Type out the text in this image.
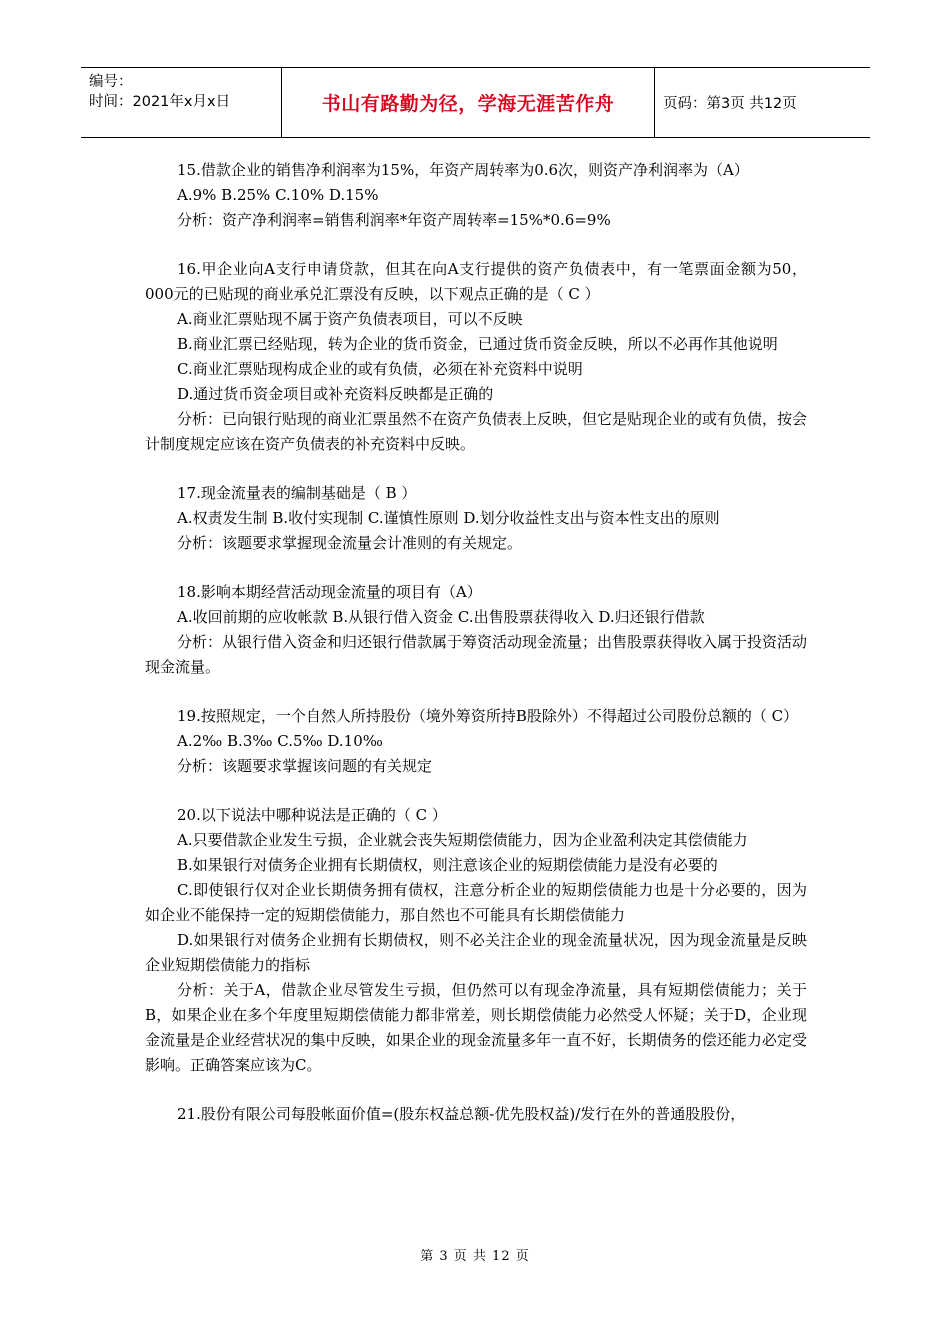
编号：
时间：2021年x月x日	书山有路勤为径，学海无涯苦作舟	页码：第3页 共12页

15.借款企业的销售净利润率为15%，年资产周转率为0.6次，则资产净利润率为（A）

A.9% B.25% C.10% D.15%

分析：资产净利润率=销售利润率*年资产周转率=15%*0.6=9%

16.甲企业向A支行申请贷款，但其在向A支行提供的资产负债表中，有一笔票面金额为50，000元的已贴现的商业承兑汇票没有反映，以下观点正确的是（ C ）

A.商业汇票贴现不属于资产负债表项目，可以不反映

B.商业汇票已经贴现，转为企业的货币资金，已通过货币资金反映，所以不必再作其他说明

C.商业汇票贴现构成企业的或有负债，必须在补充资料中说明

D.通过货币资金项目或补充资料反映都是正确的

分析：已向银行贴现的商业汇票虽然不在资产负债表上反映，但它是贴现企业的或有负债，按会计制度规定应该在资产负债表的补充资料中反映。

17.现金流量表的编制基础是（ B ）

A.权责发生制 B.收付实现制 C.谨慎性原则 D.划分收益性支出与资本性支出的原则

分析：该题要求掌握现金流量会计准则的有关规定。

18.影响本期经营活动现金流量的项目有（A）

A.收回前期的应收帐款 B.从银行借入资金 C.出售股票获得收入 D.归还银行借款

分析：从银行借入资金和归还银行借款属于筹资活动现金流量；出售股票获得收入属于投资活动现金流量。

19.按照规定，一个自然人所持股份（境外筹资所持B股除外）不得超过公司股份总额的（ C）

A.2‰ B.3‰ C.5‰ D.10‰

分析：该题要求掌握该问题的有关规定

20.以下说法中哪种说法是正确的（ C ）

A.只要借款企业发生亏损，企业就会丧失短期偿债能力，因为企业盈利决定其偿债能力

B.如果银行对债务企业拥有长期债权，则注意该企业的短期偿债能力是没有必要的

C.即使银行仅对企业长期债务拥有债权，注意分析企业的短期偿债能力也是十分必要的，因为如企业不能保持一定的短期偿债能力，那自然也不可能具有长期偿债能力

D.如果银行对债务企业拥有长期债权，则不必关注企业的现金流量状况，因为现金流量是反映企业短期偿债能力的指标

分析：关于A，借款企业尽管发生亏损，但仍然可以有现金净流量，具有短期偿债能力；关于B，如果企业在多个年度里短期偿债能力都非常差，则长期偿债能力必然受人怀疑；关于D，企业现金流量是企业经营状况的集中反映，如果企业的现金流量多年一直不好，长期债务的偿还能力必定受影响。正确答案应该为C。

21.股份有限公司每股帐面价值=(股东权益总额-优先股权益)/发行在外的普通股股份，

第 3 页 共 12 页
